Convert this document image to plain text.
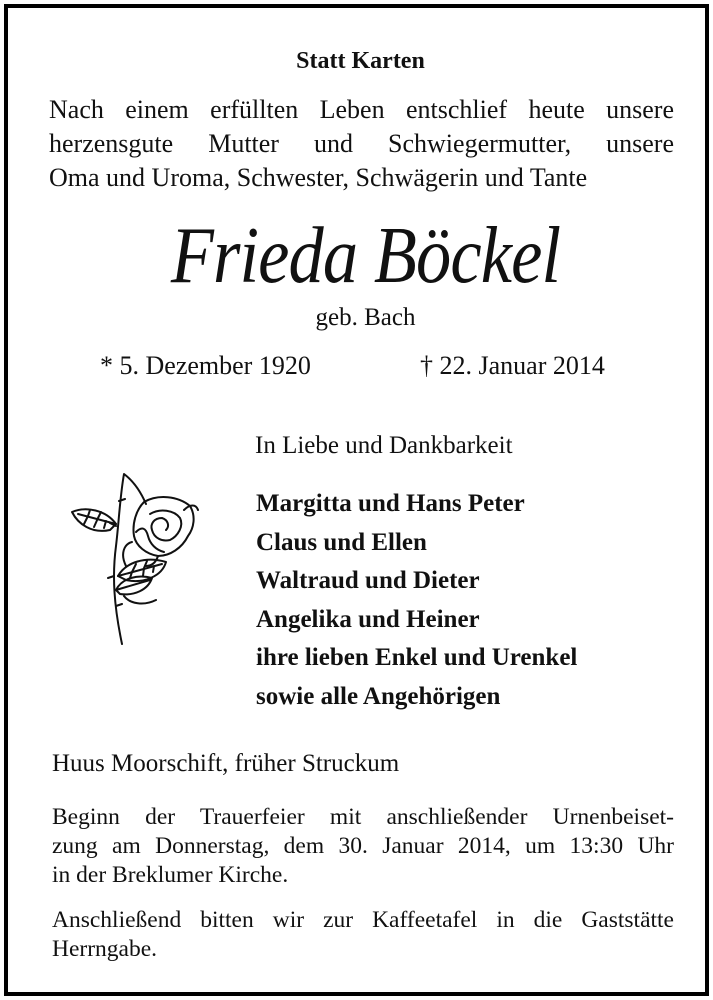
Statt Karten
Nach einem erfüllten Leben entschlief heute unsere
herzensgute Mutter und Schwiegermutter, unsere
Oma und Uroma, Schwester, Schwägerin und Tante
Frieda Böckel
geb. Bach
* 5. Dezember 1920	† 22. Januar 2014
In Liebe und Dankbarkeit
Margitta und Hans Peter
Claus und Ellen
Waltraud und Dieter
Angelika und Heiner
ihre lieben Enkel und Urenkel
sowie alle Angehörigen
Huus Moorschift, früher Struckum
Beginn der Trauerfeier mit anschließender Urnenbeiset-
zung am Donnerstag, dem 30. Januar 2014, um 13:30 Uhr
in der Breklumer Kirche.
Anschließend bitten wir zur Kaffeetafel in die Gaststätte
Herrngabe.
